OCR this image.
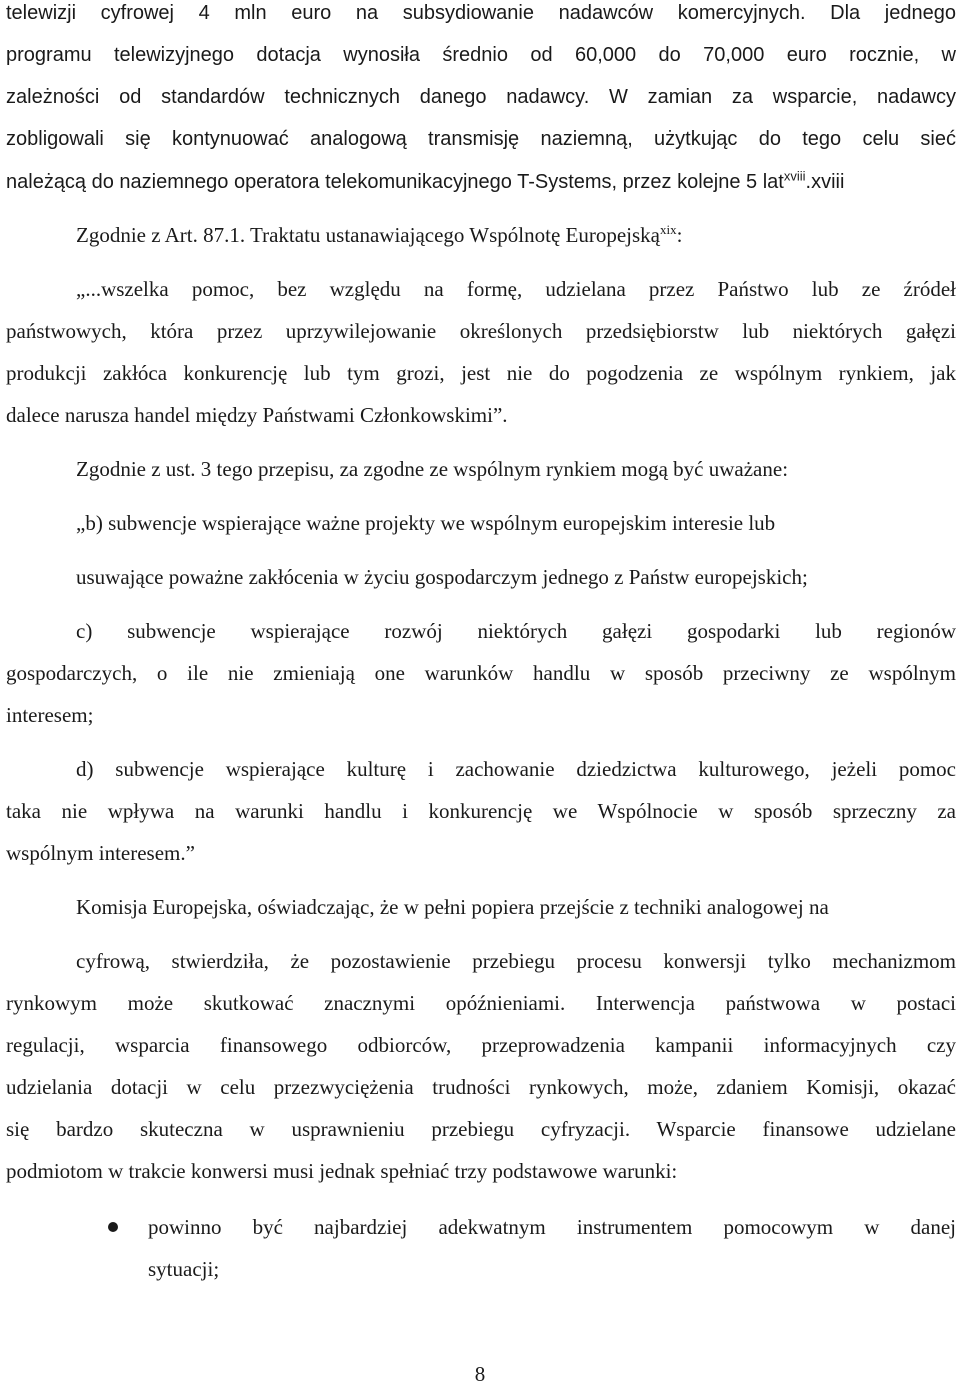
telewizji cyfrowej 4 mln euro na subsydiowanie nadawców komercyjnych. Dla jednego
programu telewizyjnego dotacja wynosiła średnio od 60,000 do 70,000 euro rocznie, w
zależności od standardów technicznych danego nadawcy. W zamian za wsparcie, nadawcy
zobligowali się kontynuować analogową transmisję naziemną, użytkując do tego celu sieć
należącą do naziemnego operatora telekomunikacyjnego T-Systems, przez kolejne 5 lat$^{xviii}$.xviii
Zgodnie z Art. 87.1. Traktatu ustanawiającego Wspólnotę Europejską$^{xix}$:
„...wszelka pomoc, bez względu na formę, udzielana przez Państwo lub ze źródeł
państwowych, która przez uprzywilejowanie określonych przedsiębiorstw lub niektórych gałęzi
produkcji zakłóca konkurencję lub tym grozi, jest nie do pogodzenia ze wspólnym rynkiem, jak
dalece narusza handel między Państwami Członkowskimi”.
Zgodnie z ust. 3 tego przepisu, za zgodne ze wspólnym rynkiem mogą być uważane:
„b) subwencje wspierające ważne projekty we wspólnym europejskim interesie lub
usuwające poważne zakłócenia w życiu gospodarczym jednego z Państw europejskich;
c) subwencje wspierające rozwój niektórych gałęzi gospodarki lub regionów
gospodarczych, o ile nie zmieniają one warunków handlu w sposób przeciwny ze wspólnym
interesem;
d) subwencje wspierające kulturę i zachowanie dziedzictwa kulturowego, jeżeli pomoc
taka nie wpływa na warunki handlu i konkurencję we Wspólnocie w sposób sprzeczny za
wspólnym interesem.”
Komisja Europejska, oświadczając, że w pełni popiera przejście z techniki analogowej na
cyfrową, stwierdziła, że pozostawienie przebiegu procesu konwersji tylko mechanizmom
rynkowym może skutkować znacznymi opóźnieniami. Interwencja państwowa w postaci
regulacji, wsparcia finansowego odbiorców, przeprowadzenia kampanii informacyjnych czy
udzielania dotacji w celu przezwyciężenia trudności rynkowych, może, zdaniem Komisji, okazać
się bardzo skuteczna w usprawnieniu przebiegu cyfryzacji. Wsparcie finansowe udzielane
podmiotom w trakcie konwersi musi jednak spełniać trzy podstawowe warunki:
powinno być najbardziej adekwatnym instrumentem pomocowym w danej
sytuacji;
8
